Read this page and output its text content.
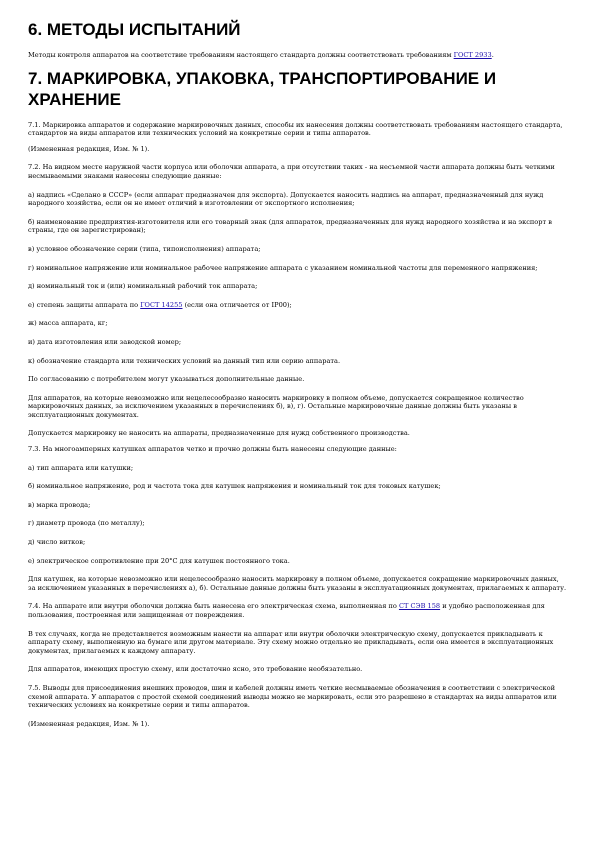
6. МЕТОДЫ ИСПЫТАНИЙ

Методы контроля аппаратов на соответствие требованиям настоящего стандарта должны соответствовать требованиям ГОСТ 2933.

7. МАРКИРОВКА, УПАКОВКА, ТРАНСПОРТИРОВАНИЕ И ХРАНЕНИЕ

7.1. Маркировка аппаратов и содержание маркировочных данных, способы их нанесения должны соответствовать требованиям настоящего стандарта, стандартов на виды аппаратов или технических условий на конкретные серии и типы аппаратов.

(Измененная редакция, Изм. № 1).

7.2. На видном месте наружной части корпуса или оболочки аппарата, а при отсутствии таких - на несъемной части аппарата должны быть четкими несмываемыми знаками нанесены следующие данные:

а) надпись «Сделано в СССР» (если аппарат предназначен для экспорта). Допускается наносить надпись на аппарат, предназначенный для нужд народного хозяйства, если он не имеет отличий в изготовлении от экспортного исполнения;

б) наименование предприятия-изготовителя или его товарный знак (для аппаратов, предназначенных для нужд народного хозяйства и на экспорт в страны, где он зарегистрирован);

в) условное обозначение серии (типа, типоисполнения) аппарата;

г) номинальное напряжение или номинальное рабочее напряжение аппарата с указанием номинальной частоты для переменного напряжения;

д) номинальный ток и (или) номинальный рабочий ток аппарата;

е) степень защиты аппарата по ГОСТ 14255 (если она отличается от IP00);

ж) масса аппарата, кг;

и) дата изготовления или заводской номер;

к) обозначение стандарта или технических условий на данный тип или серию аппарата.

По согласованию с потребителем могут указываться дополнительные данные.

Для аппаратов, на которые невозможно или нецелесообразно наносить маркировку в полном объеме, допускается сокращенное количество маркировочных данных, за исключением указанных в перечислениях б), в), г). Остальные маркировочные данные должны быть указаны в эксплуатационных документах.

Допускается маркировку не наносить на аппараты, предназначенные для нужд собственного производства.

7.3. На многоамперных катушках аппаратов четко и прочно должны быть нанесены следующие данные:

а) тип аппарата или катушки;

б) номинальное напряжение, род и частота тока для катушек напряжения и номинальный ток для токовых катушек;

в) марка провода;

г) диаметр провода (по металлу);

д) число витков;

е) электрическое сопротивление при 20°С для катушек постоянного тока.

Для катушек, на которые невозможно или нецелесообразно наносить маркировку в полном объеме, допускается сокращение маркировочных данных, за исключением указанных в перечислениях а), б). Остальные данные должны быть указаны в эксплуатационных документах, прилагаемых к аппарату.

7.4. На аппарате или внутри оболочки должна быть нанесена его электрическая схема, выполненная по СТ СЭВ 158 и удобно расположенная для пользования, построенная или защищенная от повреждения.

В тех случаях, когда не представляется возможным нанести на аппарат или внутри оболочки электрическую схему, допускается прикладывать к аппарату схему, выполненную на бумаге или другом материале. Эту схему можно отдельно не прикладывать, если она имеется в эксплуатационных документах, прилагаемых к каждому аппарату.

Для аппаратов, имеющих простую схему, или достаточно ясно, это требование необязательно.

7.5. Выводы для присоединения внешних проводов, шин и кабелей должны иметь четкие несмываемые обозначения в соответствии с электрической схемой аппарата. У аппаратов с простой схемой соединений выводы можно не маркировать, если это разрешено в стандартах на виды аппаратов или технических условиях на конкретные серии и типы аппаратов.

(Измененная редакция, Изм. № 1).
